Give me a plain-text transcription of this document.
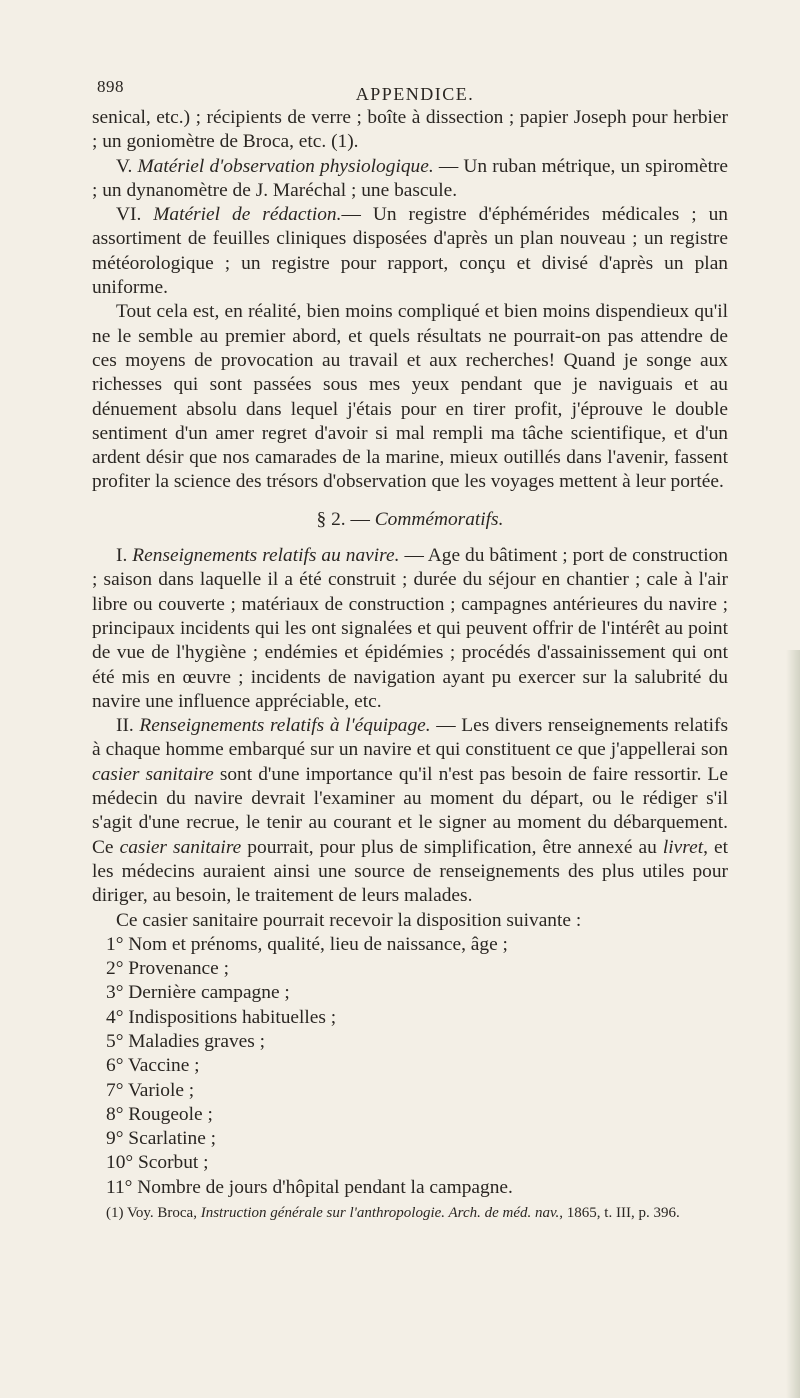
898	APPENDICE.

senical, etc.) ; récipients de verre ; boîte à dissection ; papier Joseph pour herbier ; un goniomètre de Broca, etc. (1).

V. Matériel d'observation physiologique. — Un ruban métrique, un spiromètre ; un dynanomètre de J. Maréchal ; une bascule.

VI. Matériel de rédaction.— Un registre d'éphémérides médicales ; un assortiment de feuilles cliniques disposées d'après un plan nouveau ; un registre météorologique ; un registre pour rapport, conçu et divisé d'après un plan uniforme.

Tout cela est, en réalité, bien moins compliqué et bien moins dispendieux qu'il ne le semble au premier abord, et quels résultats ne pourrait-on pas attendre de ces moyens de provocation au travail et aux recherches! Quand je songe aux richesses qui sont passées sous mes yeux pendant que je naviguais et au dénuement absolu dans lequel j'étais pour en tirer profit, j'éprouve le double sentiment d'un amer regret d'avoir si mal rempli ma tâche scientifique, et d'un ardent désir que nos camarades de la marine, mieux outillés dans l'avenir, fassent profiter la science des trésors d'observation que les voyages mettent à leur portée.

§ 2. — Commémoratifs.

I. Renseignements relatifs au navire. — Age du bâtiment ; port de construction ; saison dans laquelle il a été construit ; durée du séjour en chantier ; cale à l'air libre ou couverte ; matériaux de construction ; campagnes antérieures du navire ; principaux incidents qui les ont signalées et qui peuvent offrir de l'intérêt au point de vue de l'hygiène ; endémies et épidémies ; procédés d'assainissement qui ont été mis en œuvre ; incidents de navigation ayant pu exercer sur la salubrité du navire une influence appréciable, etc.

II. Renseignements relatifs à l'équipage. — Les divers renseignements relatifs à chaque homme embarqué sur un navire et qui constituent ce que j'appellerai son casier sanitaire sont d'une importance qu'il n'est pas besoin de faire ressortir. Le médecin du navire devrait l'examiner au moment du départ, ou le rédiger s'il s'agit d'une recrue, le tenir au courant et le signer au moment du débarquement. Ce casier sanitaire pourrait, pour plus de simplification, être annexé au livret, et les médecins auraient ainsi une source de renseignements des plus utiles pour diriger, au besoin, le traitement de leurs malades.

Ce casier sanitaire pourrait recevoir la disposition suivante :

1° Nom et prénoms, qualité, lieu de naissance, âge ;
2° Provenance ;
3° Dernière campagne ;
4° Indispositions habituelles ;
5° Maladies graves ;
6° Vaccine ;
7° Variole ;
8° Rougeole ;
9° Scarlatine ;
10° Scorbut ;
11° Nombre de jours d'hôpital pendant la campagne.

(1) Voy. Broca, Instruction générale sur l'anthropologie. Arch. de méd. nav., 1865, t. III, p. 396.
